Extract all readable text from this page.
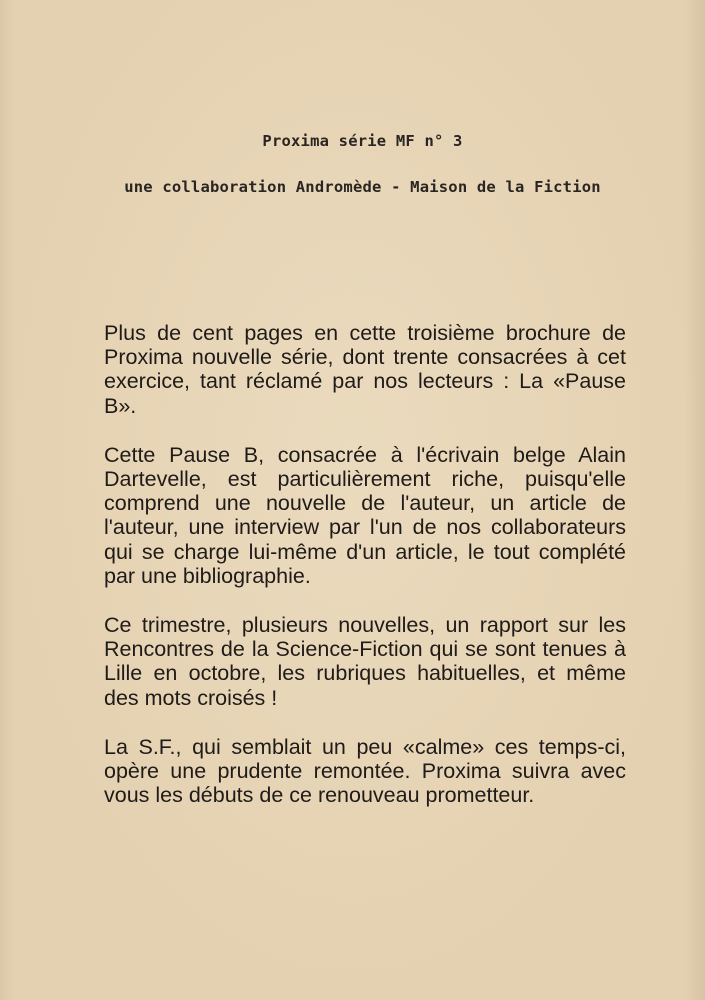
Proxima série MF n° 3
une collaboration Andromède - Maison de la Fiction

Plus de cent pages en cette troisième brochure de Proxima nouvelle série, dont trente consacrées à cet exercice, tant réclamé par nos lecteurs : La «Pause B».

Cette Pause B, consacrée à l'écrivain belge Alain Dartevelle, est particulièrement riche, puisqu'elle comprend une nouvelle de l'auteur, un article de l'auteur, une interview par l'un de nos collaborateurs qui se charge lui-même d'un article, le tout complété par une bibliographie.

Ce trimestre, plusieurs nouvelles, un rapport sur les Rencontres de la Science-Fiction qui se sont tenues à Lille en octobre, les rubriques habituelles, et même des mots croisés !

La S.F., qui semblait un peu «calme» ces temps-ci, opère une prudente remontée. Proxima suivra avec vous les débuts de ce renouveau prometteur.
